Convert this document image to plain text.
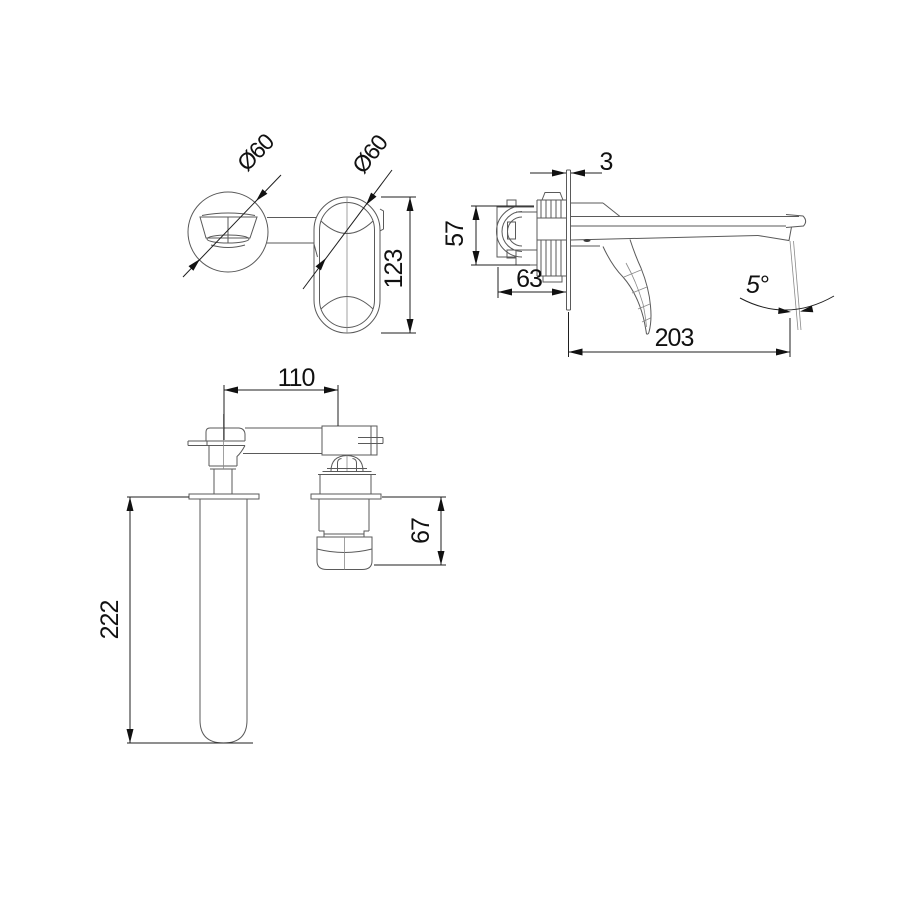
Ø60	Ø60
123
3
57
63
203
5°
110
222
67
